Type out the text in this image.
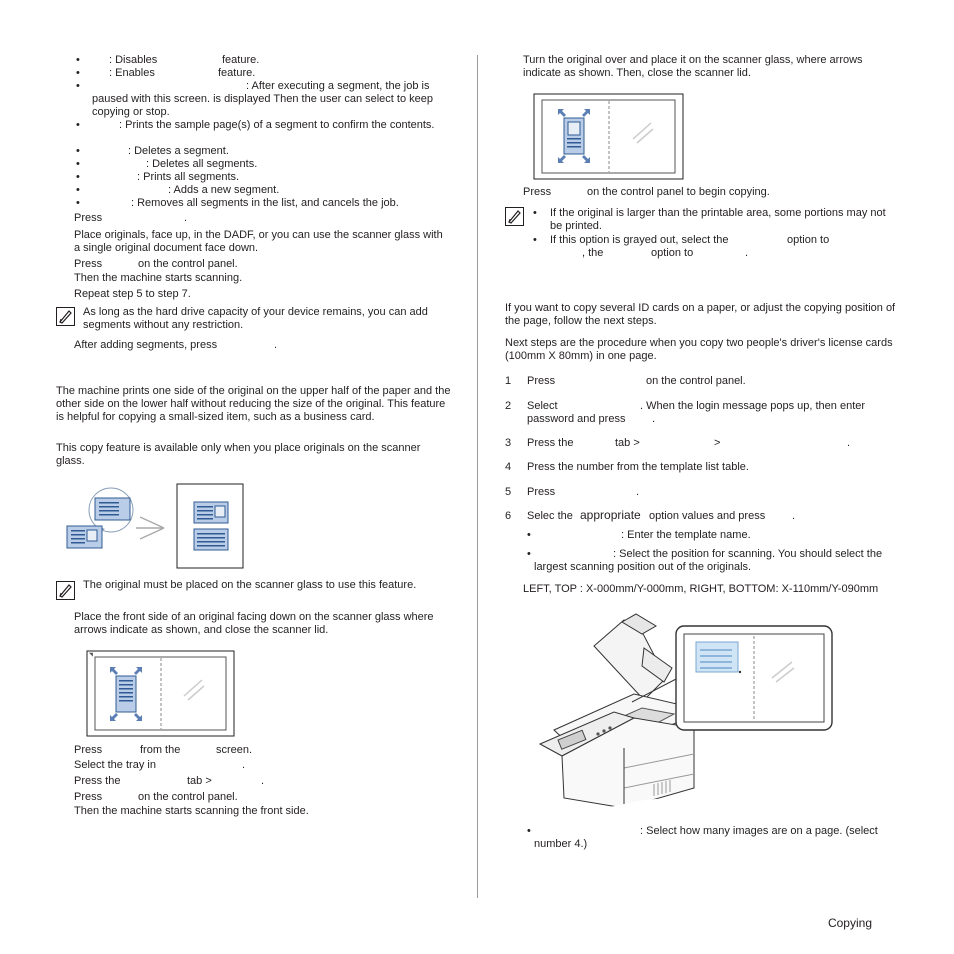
•	: Disables	feature.
•	: Enables	feature.
•	: After executing a segment, the job is

paused with this screen. is displayed Then the user can select to keep copying or stop.

•	: Prints the sample page(s) of a segment to confirm the contents.

•	: Deletes a segment.
•	: Deletes all segments.
•	: Prints all segments.
•	: Adds a new segment.
•	: Removes all segments in the list, and cancels the job.
Press	.

Place originals, face up, in the DADF, or you can use the scanner glass with a single original document face down.

Press	on the control panel.
Then the machine starts scanning.
Repeat step 5 to step 7.

As long as the hard drive capacity of your device remains, you can add segments without any restriction.

After adding segments, press	.

The machine prints one side of the original on the upper half of the paper and the other side on the lower half without reducing the size of the original. This feature is helpful for copying a small-sized item, such as a business card.

This copy feature is available only when you place originals on the scanner glass.

The original must be placed on the scanner glass to use this feature.

Place the front side of an original facing down on the scanner glass where arrows indicate as shown, and close the scanner lid.

◥
Press	from the	screen.
Select the tray in	.
Press the	tab >	.
Press	on the control panel.
Then the machine starts scanning the front side.

Turn the original over and place it on the scanner glass, where arrows indicate as shown. Then, close the scanner lid.

Press	on the control panel to begin copying.
• If the original is larger than the printable area, some portions may not be printed.

• If this option is grayed out, select the	option to
, the	option to	.

If you want to copy several ID cards on a paper, or adjust the copying position of the page, follow the next steps.

Next steps are the procedure when you copy two people's driver's license cards (100mm X 80mm) in one page.

1 Press	on the control panel.
2 Select	. When the login message pops up, then enter password and press	.
3 Press the	tab >	>	.
4 Press the number from the template list table.
5 Press	.
6 Selec the appropriate option values and press .
•	: Enter the template name.
•	: Select the position for scanning. You should select the largest scanning position out of the originals.

LEFT, TOP : X-000mm/Y-000mm, RIGHT, BOTTOM: X-110mm/Y-090mm

•	: Select how many images are on a page. (select number 4.)

Copying
